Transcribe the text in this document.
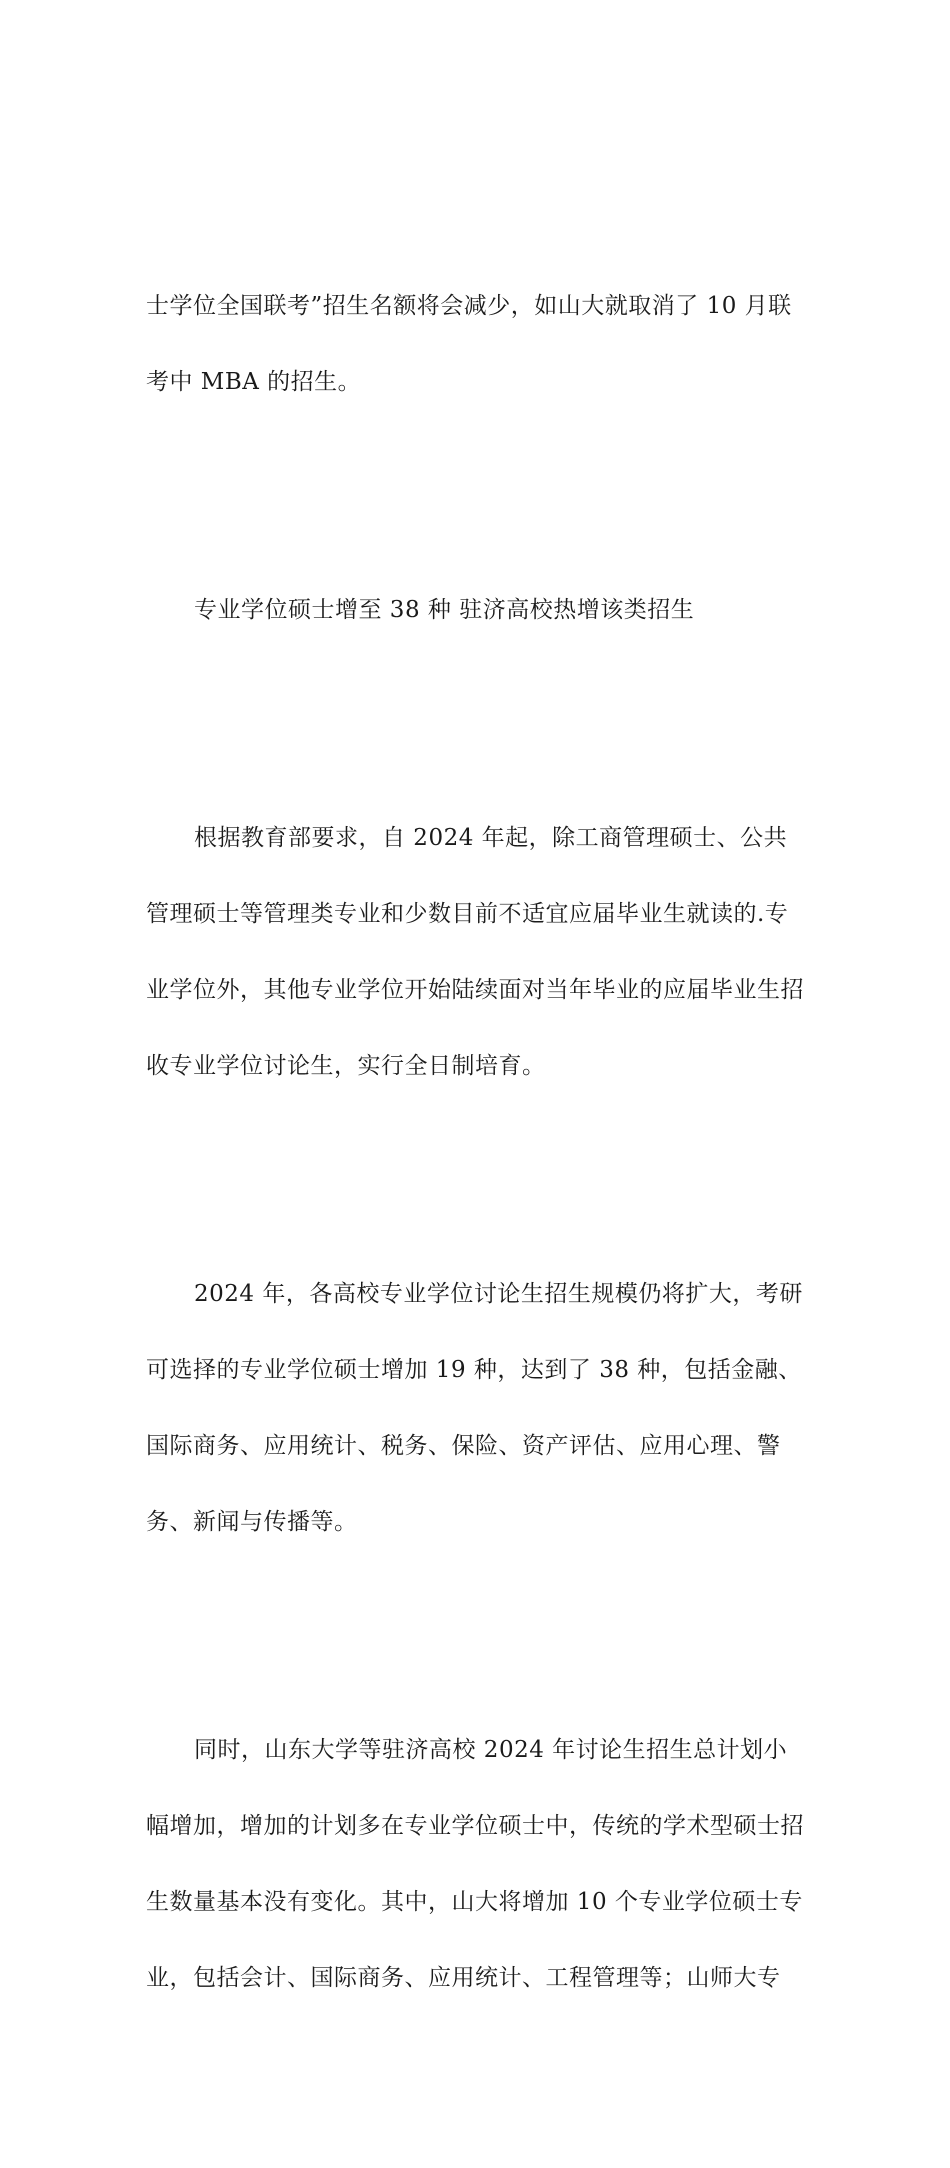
士学位全国联考”招生名额将会减少，如山大就取消了 10 月联考中 MBA 的招生。

专业学位硕士增至 38 种 驻济高校热增该类招生

根据教育部要求，自 2024 年起，除工商管理硕士、公共管理硕士等管理类专业和少数目前不适宜应届毕业生就读的.专业学位外，其他专业学位开始陆续面对当年毕业的应届毕业生招收专业学位讨论生，实行全日制培育。

2024 年，各高校专业学位讨论生招生规模仍将扩大，考研可选择的专业学位硕士增加 19 种，达到了 38 种，包括金融、国际商务、应用统计、税务、保险、资产评估、应用心理、警务、新闻与传播等。

同时，山东大学等驻济高校 2024 年讨论生招生总计划小幅增加，增加的计划多在专业学位硕士中，传统的学术型硕士招生数量基本没有变化。其中，山大将增加 10 个专业学位硕士专业，包括会计、国际商务、应用统计、工程管理等；山师大专
